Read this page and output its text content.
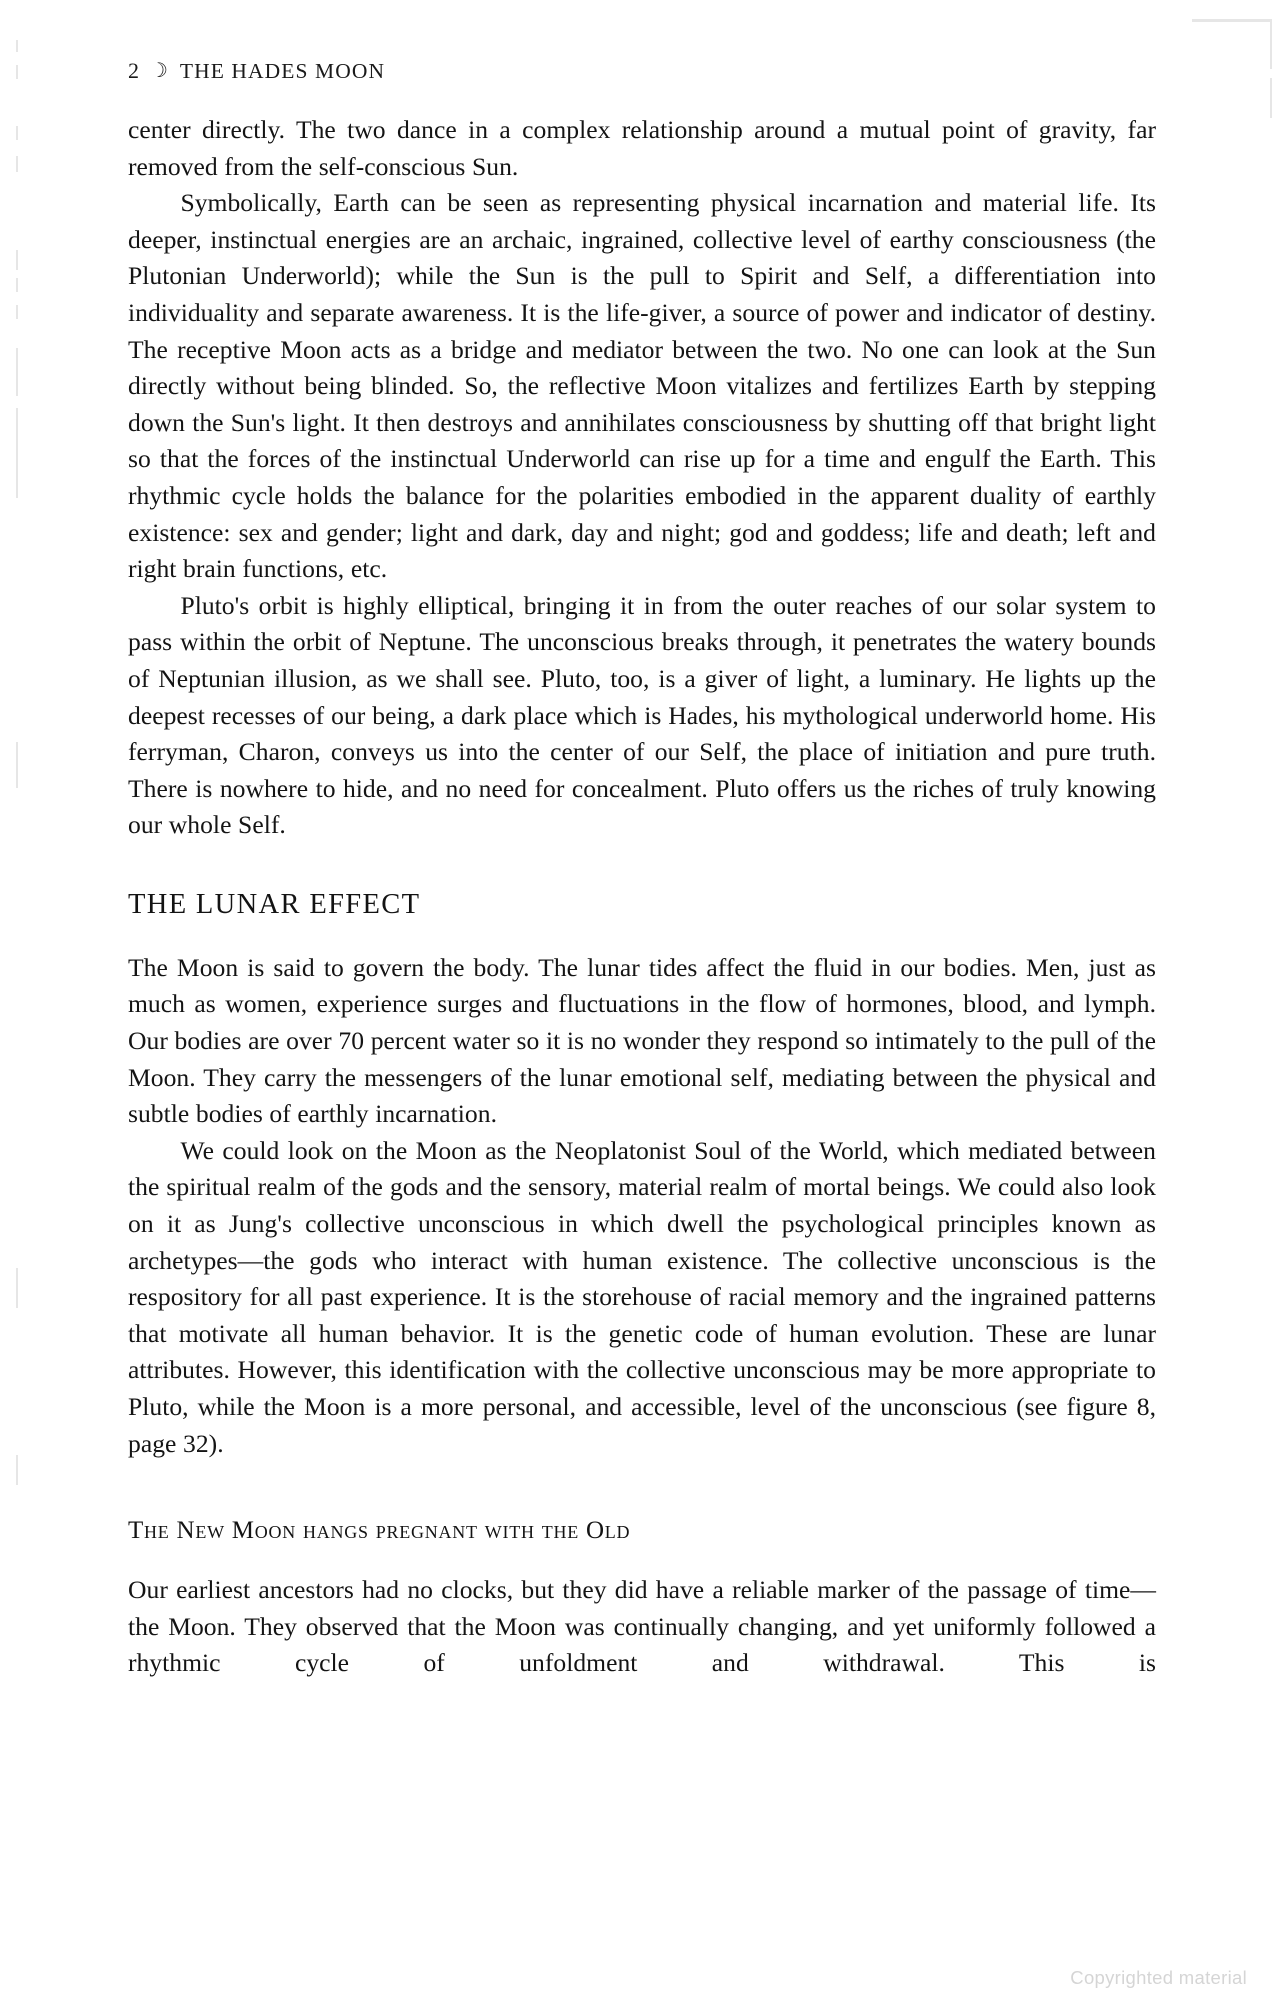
2 ☽ THE HADES MOON

center directly. The two dance in a complex relationship around a mutual point of gravity, far removed from the self-conscious Sun.

Symbolically, Earth can be seen as representing physical incarnation and material life. Its deeper, instinctual energies are an archaic, ingrained, collective level of earthy consciousness (the Plutonian Underworld); while the Sun is the pull to Spirit and Self, a differentiation into individuality and separate awareness. It is the life-giver, a source of power and indicator of destiny. The receptive Moon acts as a bridge and mediator between the two. No one can look at the Sun directly without being blinded. So, the reflective Moon vitalizes and fertilizes Earth by stepping down the Sun's light. It then destroys and annihilates consciousness by shutting off that bright light so that the forces of the instinctual Underworld can rise up for a time and engulf the Earth. This rhythmic cycle holds the balance for the polarities embodied in the apparent duality of earthly existence: sex and gender; light and dark, day and night; god and goddess; life and death; left and right brain functions, etc.

Pluto's orbit is highly elliptical, bringing it in from the outer reaches of our solar system to pass within the orbit of Neptune. The unconscious breaks through, it penetrates the watery bounds of Neptunian illusion, as we shall see. Pluto, too, is a giver of light, a luminary. He lights up the deepest recesses of our being, a dark place which is Hades, his mythological underworld home. His ferryman, Charon, conveys us into the center of our Self, the place of initiation and pure truth. There is nowhere to hide, and no need for concealment. Pluto offers us the riches of truly knowing our whole Self.

THE LUNAR EFFECT

The Moon is said to govern the body. The lunar tides affect the fluid in our bodies. Men, just as much as women, experience surges and fluctuations in the flow of hormones, blood, and lymph. Our bodies are over 70 percent water so it is no wonder they respond so intimately to the pull of the Moon. They carry the messengers of the lunar emotional self, mediating between the physical and subtle bodies of earthly incarnation.

We could look on the Moon as the Neoplatonist Soul of the World, which mediated between the spiritual realm of the gods and the sensory, material realm of mortal beings. We could also look on it as Jung's collective unconscious in which dwell the psychological principles known as archetypes—the gods who interact with human existence. The collective unconscious is the respository for all past experience. It is the storehouse of racial memory and the ingrained patterns that motivate all human behavior. It is the genetic code of human evolution. These are lunar attributes. However, this identification with the collective unconscious may be more appropriate to Pluto, while the Moon is a more personal, and accessible, level of the unconscious (see figure 8, page 32).

The New Moon hangs pregnant with the Old

Our earliest ancestors had no clocks, but they did have a reliable marker of the passage of time—the Moon. They observed that the Moon was continually changing, and yet uniformly followed a rhythmic cycle of unfoldment and withdrawal. This is

Copyrighted material
